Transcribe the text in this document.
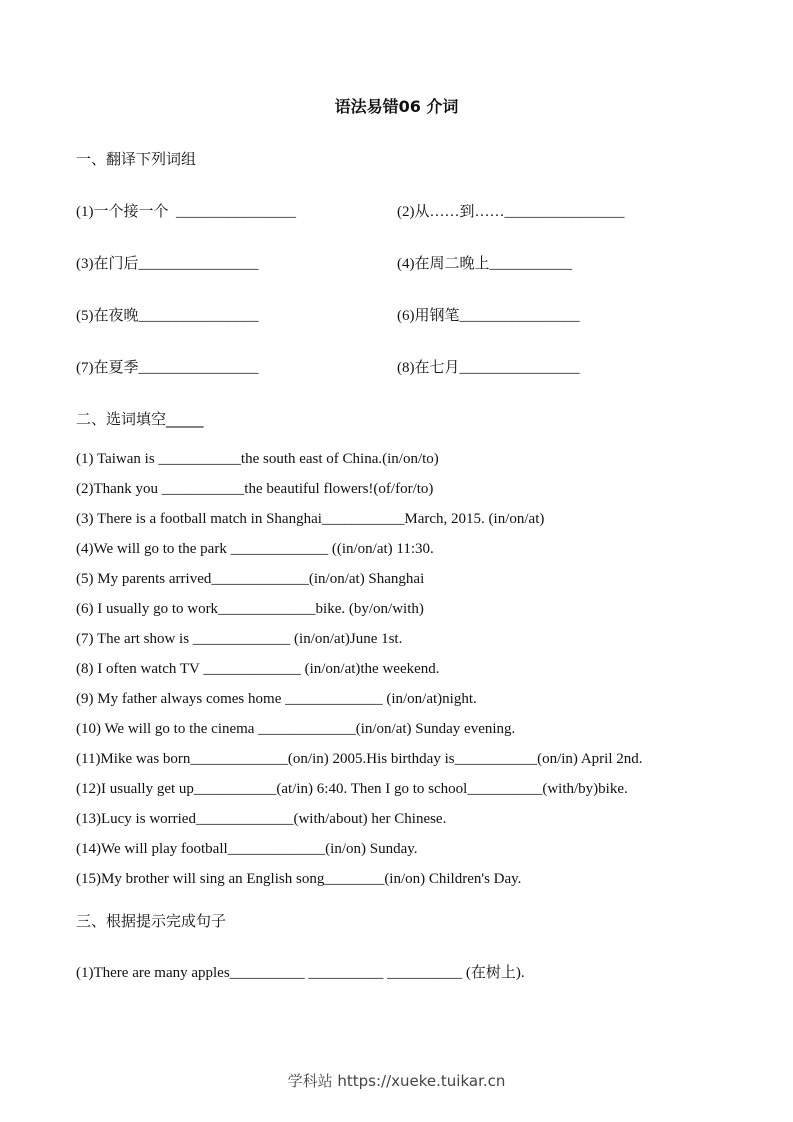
语法易错06 介词
一、翻译下列词组
(1)一个接一个  ________________	(2)从……到……________________
(3)在门后________________	(4)在周二晚上___________
(5)在夜晚________________	(6)用钢笔________________
(7)在夏季________________	(8)在七月________________
二、选词填空_____
(1) Taiwan is ___________the south east of China.(in/on/to)
(2)Thank you ___________the beautiful flowers!(of/for/to)
(3) There is a football match in Shanghai___________March, 2015. (in/on/at)
(4)We will go to the park _____________ ((in/on/at) 11:30.
(5) My parents arrived_____________(in/on/at) Shanghai
(6) I usually go to work_____________bike. (by/on/with)
(7) The art show is _____________ (in/on/at)June 1st.
(8) I often watch TV _____________ (in/on/at)the weekend.
(9) My father always comes home _____________ (in/on/at)night.
(10) We will go to the cinema _____________(in/on/at) Sunday evening.
(11)Mike was born_____________(on/in) 2005.His birthday is___________(on/in) April 2nd.
(12)I usually get up___________(at/in) 6:40. Then I go to school__________(with/by)bike.
(13)Lucy is worried_____________(with/about) her Chinese.
(14)We will play football_____________(in/on) Sunday.
(15)My brother will sing an English song________(in/on) Children's Day.
三、根据提示完成句子
(1)There are many apples__________ __________ __________ (在树上).
学科站 https://xueke.tuikar.cn
